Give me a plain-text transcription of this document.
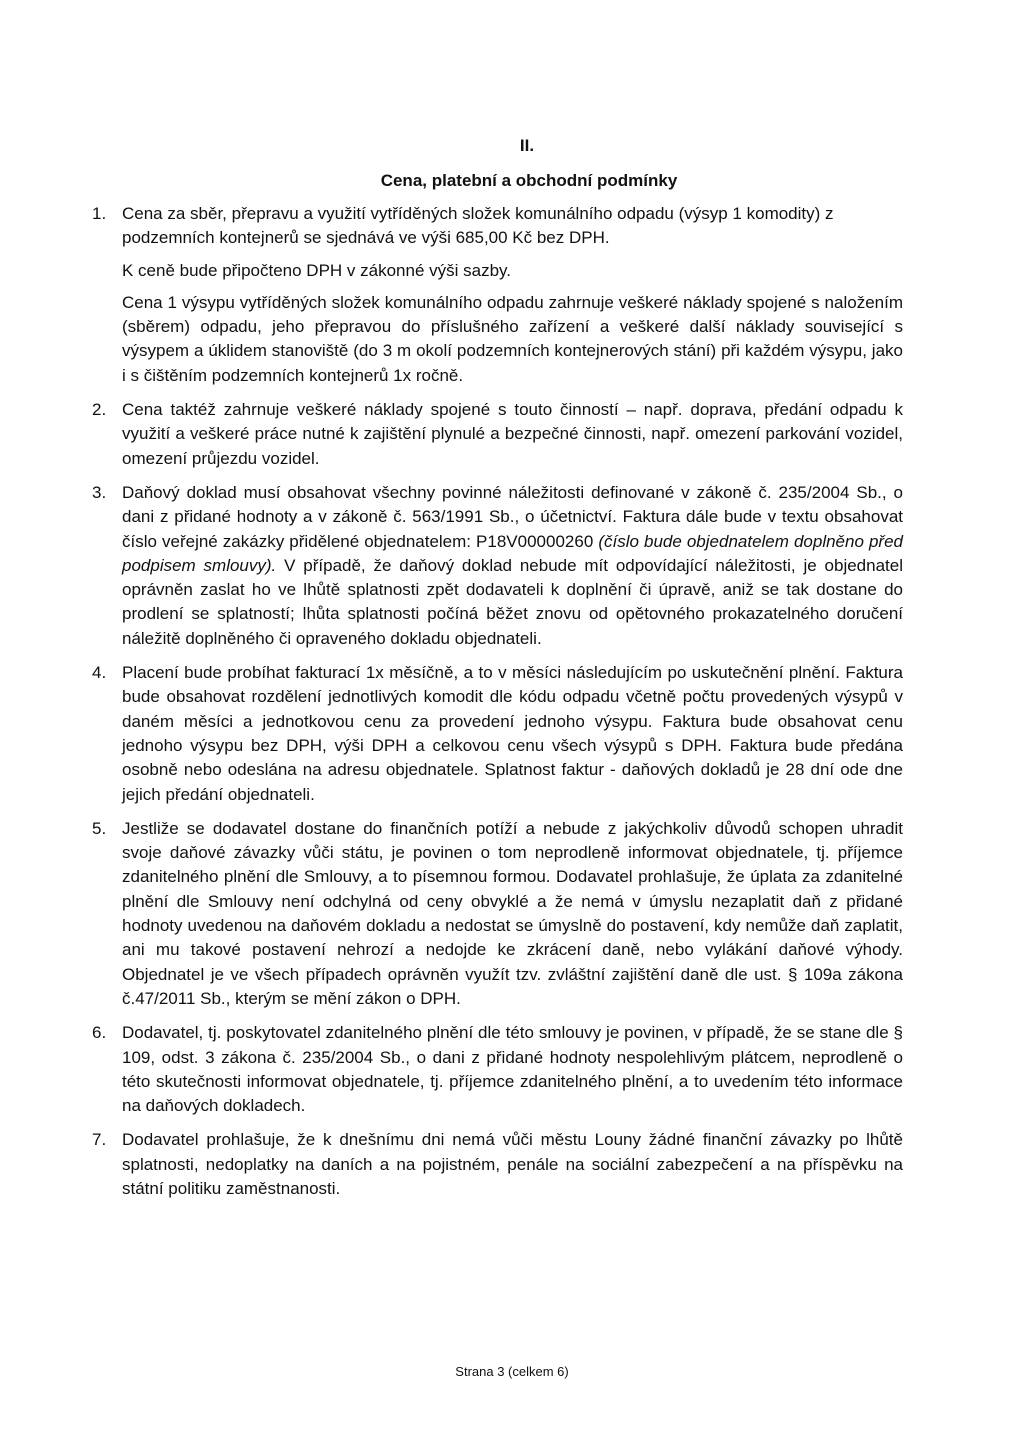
II.
Cena, platební a obchodní podmínky
1. Cena za sběr, přepravu a využití vytříděných složek komunálního odpadu (výsyp 1 komodity) z podzemních kontejnerů se sjednává ve výši 685,00 Kč bez DPH.

K ceně bude připočteno DPH v zákonné výši sazby.

Cena 1 výsypu vytříděných složek komunálního odpadu zahrnuje veškeré náklady spojené s naložením (sběrem) odpadu, jeho přepravou do příslušného zařízení a veškeré další náklady související s výsypem a úklidem stanoviště (do 3 m okolí podzemních kontejnerových stání) při každém výsypu, jako i s čištěním podzemních kontejnerů 1x ročně.

2. Cena taktéž zahrnuje veškeré náklady spojené s touto činností – např. doprava, předání odpadu k využití a veškeré práce nutné k zajištění plynulé a bezpečné činnosti, např. omezení parkování vozidel, omezení průjezdu vozidel.

3. Daňový doklad musí obsahovat všechny povinné náležitosti definované v zákoně č. 235/2004 Sb., o dani z přidané hodnoty a v zákoně č. 563/1991 Sb., o účetnictví. Faktura dále bude v textu obsahovat číslo veřejné zakázky přidělené objednatelem: P18V00000260 (číslo bude objednatelem doplněno před podpisem smlouvy). V případě, že daňový doklad nebude mít odpovídající náležitosti, je objednatel oprávněn zaslat ho ve lhůtě splatnosti zpět dodavateli k doplnění či úpravě, aniž se tak dostane do prodlení se splatností; lhůta splatnosti počíná běžet znovu od opětovného prokazatelného doručení náležitě doplněného či opraveného dokladu objednateli.

4. Placení bude probíhat fakturací 1x měsíčně, a to v měsíci následujícím po uskutečnění plnění. Faktura bude obsahovat rozdělení jednotlivých komodit dle kódu odpadu včetně počtu provedených výsypů v daném měsíci a jednotkovou cenu za provedení jednoho výsypu. Faktura bude obsahovat cenu jednoho výsypu bez DPH, výši DPH a celkovou cenu všech výsypů s DPH. Faktura bude předána osobně nebo odeslána na adresu objednatele. Splatnost faktur - daňových dokladů je 28 dní ode dne jejich předání objednateli.

5. Jestliže se dodavatel dostane do finančních potíží a nebude z jakýchkoliv důvodů schopen uhradit svoje daňové závazky vůči státu, je povinen o tom neprodleně informovat objednatele, tj. příjemce zdanitelného plnění dle Smlouvy, a to písemnou formou. Dodavatel prohlašuje, že úplata za zdanitelné plnění dle Smlouvy není odchylná od ceny obvyklé a že nemá v úmyslu nezaplatit daň z přidané hodnoty uvedenou na daňovém dokladu a nedostat se úmyslně do postavení, kdy nemůže daň zaplatit, ani mu takové postavení nehrozí a nedojde ke zkrácení daně, nebo vylákání daňové výhody. Objednatel je ve všech případech oprávněn využít tzv. zvláštní zajištění daně dle ust. § 109a zákona č.47/2011 Sb., kterým se mění zákon o DPH.

6. Dodavatel, tj. poskytovatel zdanitelného plnění dle této smlouvy je povinen, v případě, že se stane dle § 109, odst. 3 zákona č. 235/2004 Sb., o dani z přidané hodnoty nespolehlivým plátcem, neprodleně o této skutečnosti informovat objednatele, tj. příjemce zdanitelného plnění, a to uvedením této informace na daňových dokladech.

7. Dodavatel prohlašuje, že k dnešnímu dni nemá vůči městu Louny žádné finanční závazky po lhůtě splatnosti, nedoplatky na daních a na pojistném, penále na sociální zabezpečení a na příspěvku na státní politiku zaměstnanosti.

Strana 3 (celkem 6)
